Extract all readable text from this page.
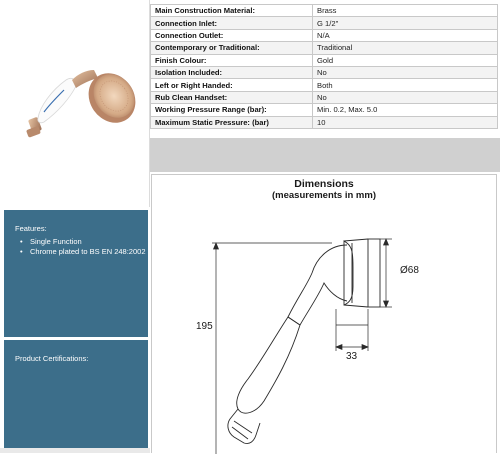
Main Construction Material:	Brass
Connection Inlet:	G 1/2"
Connection Outlet:	N/A
Contemporary or Traditional:	Traditional
Finish Colour:	Gold
Isolation Included:	No
Left or Right Handed:	Both
Rub Clean Handset:	No
Working Pressure Range (bar):	Min. 0.2, Max. 5.0
Maximum Static Pressure: (bar)	10
Features:
• Single Function
• Chrome plated to BS EN 248:2002
Product Certifications:
Dimensions
(measurements in mm)
195
Ø68
33
